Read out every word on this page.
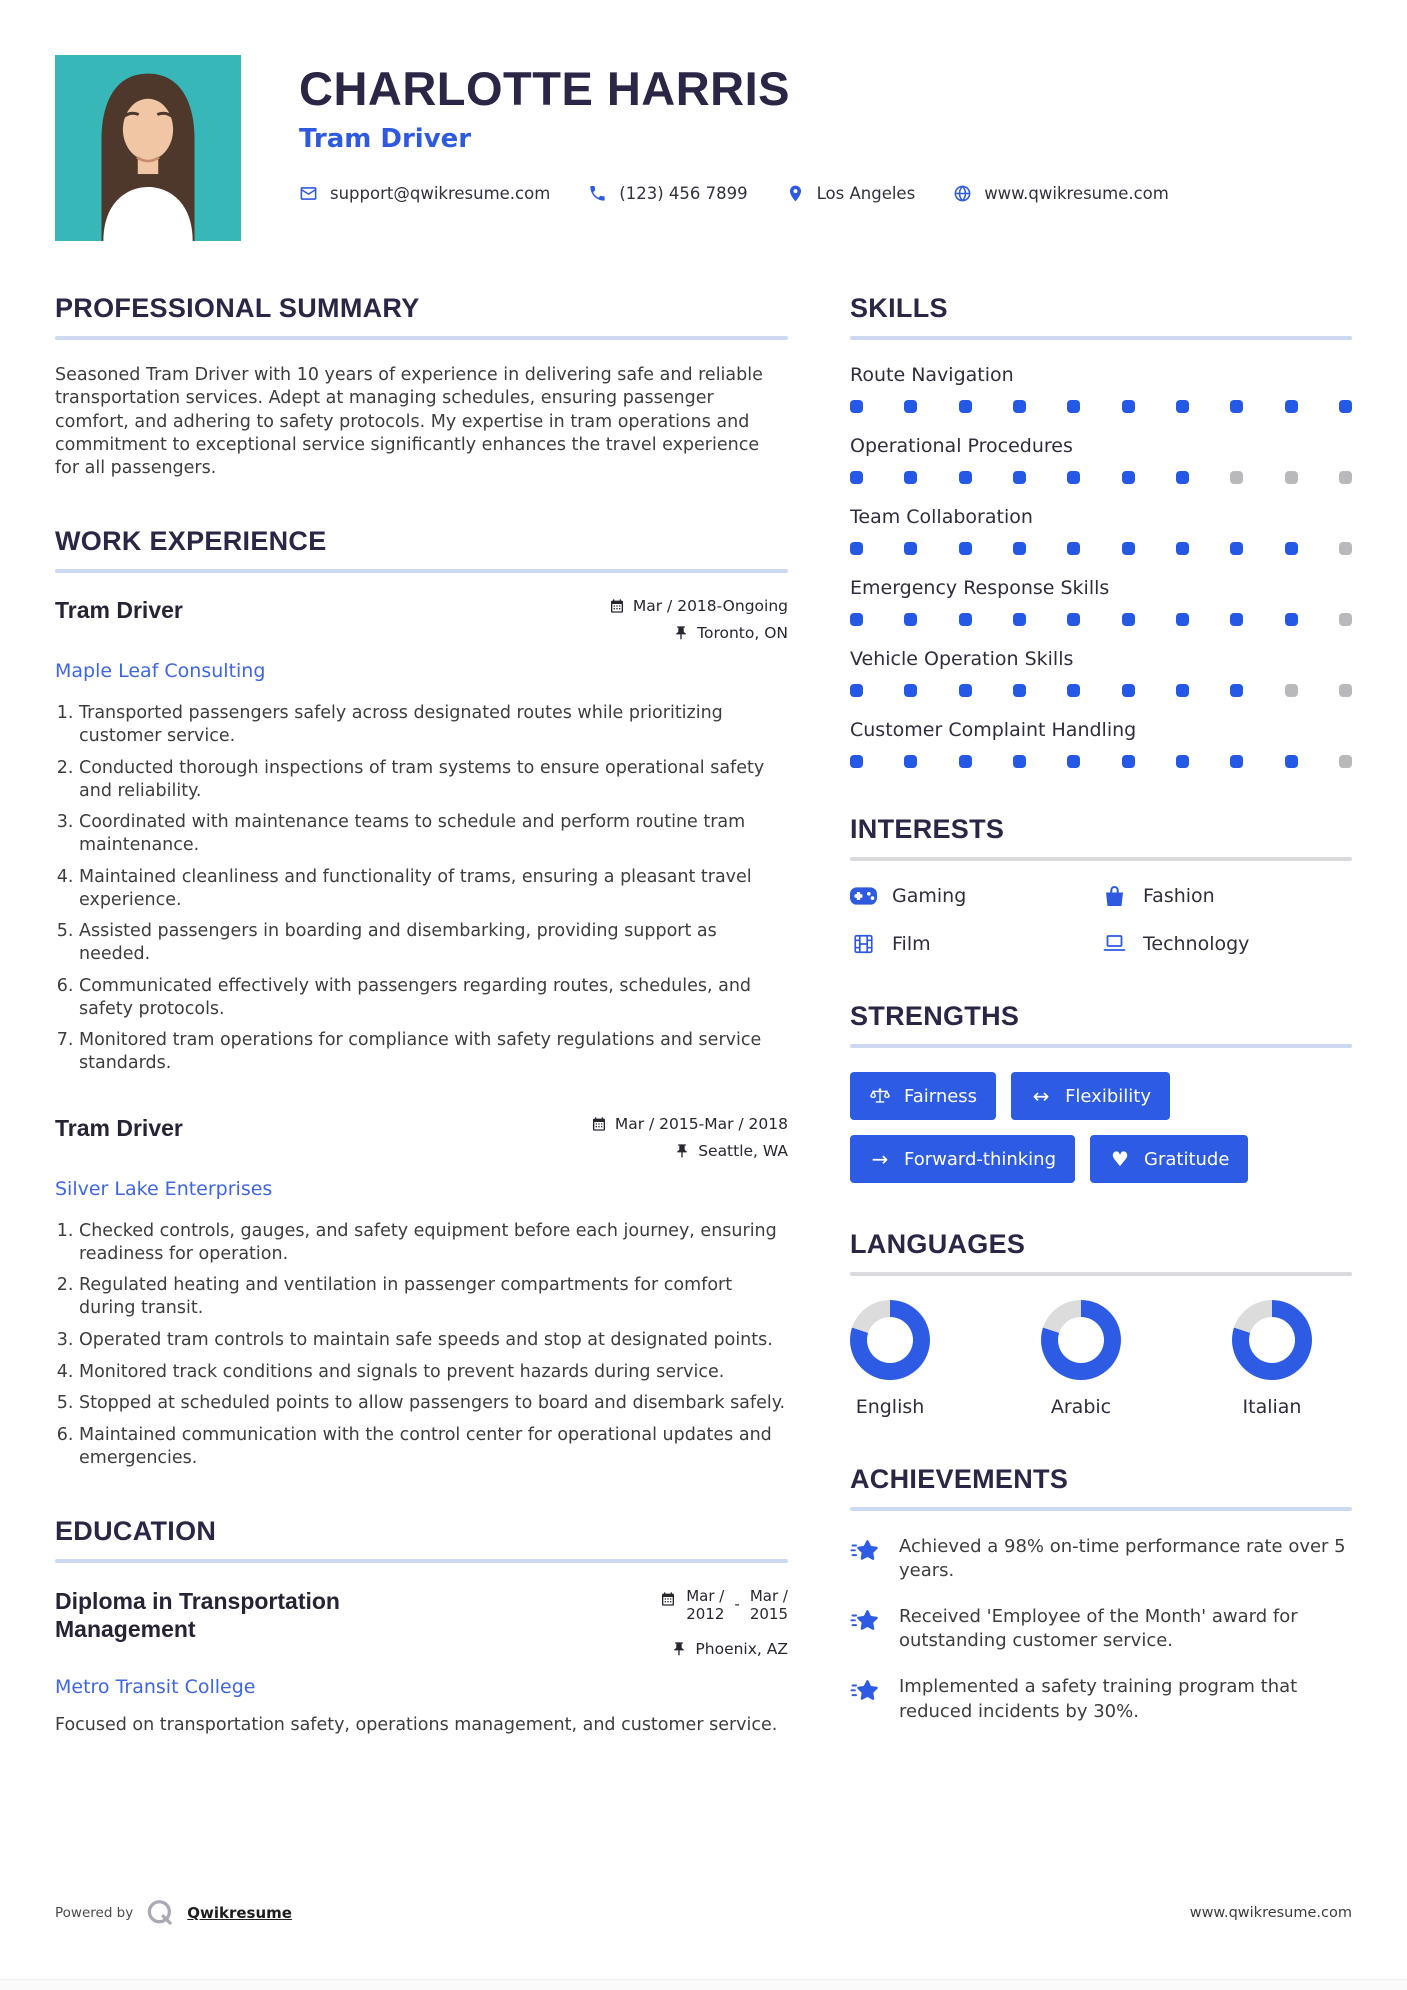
CHARLOTTE HARRIS
Tram Driver
support@qwikresume.com	(123) 456 7899	Los Angeles	www.qwikresume.com
PROFESSIONAL SUMMARY

Seasoned Tram Driver with 10 years of experience in delivering safe and reliable transportation services. Adept at managing schedules, ensuring passenger comfort, and adhering to safety protocols. My expertise in tram operations and commitment to exceptional service significantly enhances the travel experience for all passengers.

WORK EXPERIENCE
Tram Driver	Mar / 2018-Ongoing
Toronto, ON
Maple Leaf Consulting
1. Transported passengers safely across designated routes while prioritizing customer service.
2. Conducted thorough inspections of tram systems to ensure operational safety and reliability.
3. Coordinated with maintenance teams to schedule and perform routine tram maintenance.
4. Maintained cleanliness and functionality of trams, ensuring a pleasant travel experience.
5. Assisted passengers in boarding and disembarking, providing support as needed.
6. Communicated effectively with passengers regarding routes, schedules, and safety protocols.
7. Monitored tram operations for compliance with safety regulations and service standards.
Tram Driver	Mar / 2015-Mar / 2018
Seattle, WA
Silver Lake Enterprises
1. Checked controls, gauges, and safety equipment before each journey, ensuring readiness for operation.
2. Regulated heating and ventilation in passenger compartments for comfort during transit.
3. Operated tram controls to maintain safe speeds and stop at designated points.
4. Monitored track conditions and signals to prevent hazards during service.
5. Stopped at scheduled points to allow passengers to board and disembark safely.
6. Maintained communication with the control center for operational updates and emergencies.
EDUCATION
Diploma in Transportation Management
Mar /
2012
- Mar /
2015
Phoenix, AZ
Metro Transit College

Focused on transportation safety, operations management, and customer service.

SKILLS
Route Navigation
Operational Procedures
Team Collaboration
Emergency Response Skills
Vehicle Operation Skills
Customer Complaint Handling
INTERESTS
Gaming	Fashion
Film	Technology
STRENGTHS
Fairness	↔ Flexibility
→ Forward-thinking	♥ Gratitude
LANGUAGES
English	Arabic	Italian
ACHIEVEMENTS
Achieved a 98% on-time performance rate over 5 years.
Received 'Employee of the Month' award for outstanding customer service.
Implemented a safety training program that reduced incidents by 30%.
Powered by	Qwikresume	www.qwikresume.com
